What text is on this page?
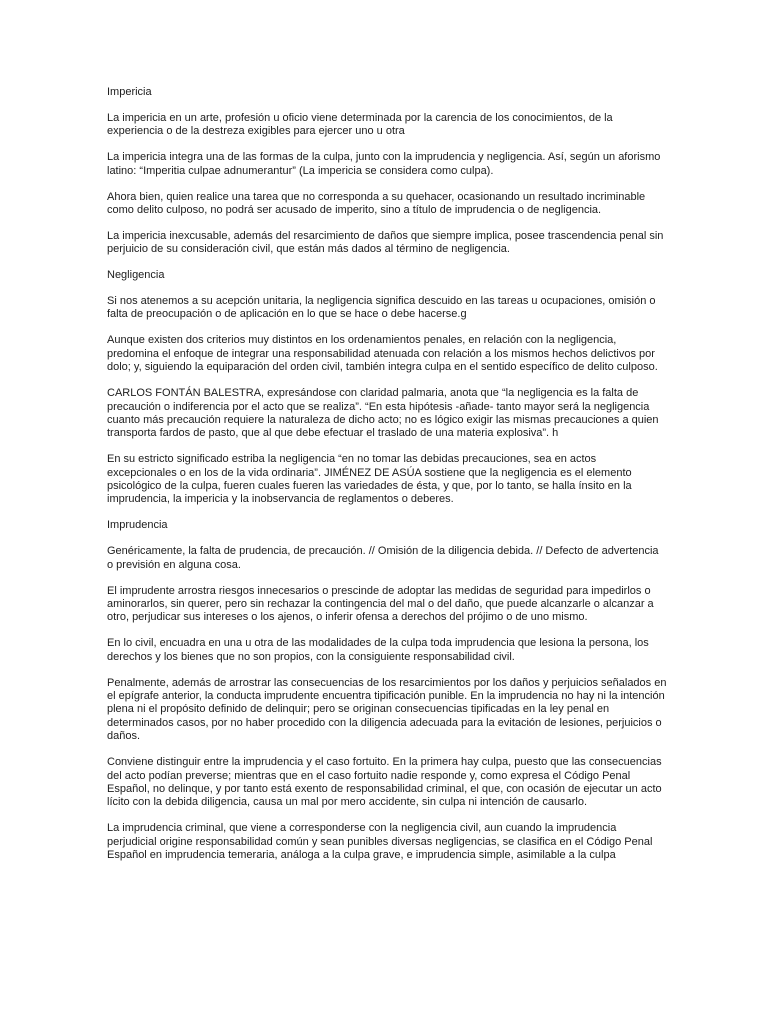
Impericia

La impericia en un arte, profesión u oficio viene determinada por la carencia de los conocimientos, de la experiencia o de la destreza exigibles para ejercer uno u otra

La impericia integra una de las formas de la culpa, junto con la imprudencia y negligencia. Así, según un aforismo latino: “Imperitia culpae adnumerantur” (La impericia se considera como culpa).

Ahora bien, quien realice una tarea que no corresponda a su quehacer, ocasionando un resultado incriminable como delito culposo, no podrá ser acusado de imperito, sino a título de imprudencia o de negligencia.

La impericia inexcusable, además del resarcimiento de daños que siempre implica, posee trascendencia penal sin perjuicio de su consideración civil, que están más dados al término de negligencia.

Negligencia

Si nos atenemos a su acepción unitaria, la negligencia significa descuido en las tareas u ocupaciones, omisión o falta de preocupación o de aplicación en lo que se hace o debe hacerse.g

Aunque existen dos criterios muy distintos en los ordenamientos penales, en relación con la negligencia, predomina el enfoque de integrar una responsabilidad atenuada con relación a los mismos hechos delictivos por dolo; y, siguiendo la equiparación del orden civil, también integra culpa en el sentido específico de delito culposo.

CARLOS FONTÁN BALESTRA, expresándose con claridad palmaria, anota que “la negligencia es la falta de precaución o indiferencia por el acto que se realiza”. “En esta hipótesis -añade- tanto mayor será la negligencia cuanto más precaución requiere la naturaleza de dicho acto; no es lógico exigir las mismas precauciones a quien transporta fardos de pasto, que al que debe efectuar el traslado de una materia explosiva”. h

En su estricto significado estriba la negligencia “en no tomar las debidas precauciones, sea en actos excepcionales o en los de la vida ordinaria”. JIMÉNEZ DE ASÚA sostiene que la negligencia es el elemento psicológico de la culpa, fueren cuales fueren las variedades de ésta, y que, por lo tanto, se halla ínsito en la imprudencia, la impericia y la inobservancia de reglamentos o deberes.

Imprudencia

Genéricamente, la falta de prudencia, de precaución. // Omisión de la diligencia debida. // Defecto de advertencia o previsión en alguna cosa.

El imprudente arrostra riesgos innecesarios o prescinde de adoptar las medidas de seguridad para impedirlos o aminorarlos, sin querer, pero sin rechazar la contingencia del mal o del daño, que puede alcanzarle o alcanzar a otro, perjudicar sus intereses o los ajenos, o inferir ofensa a derechos del prójimo o de uno mismo.

En lo civil, encuadra en una u otra de las modalidades de la culpa toda imprudencia que lesiona la persona, los derechos y los bienes que no son propios, con la consiguiente responsabilidad civil.

Penalmente, además de arrostrar las consecuencias de los resarcimientos por los daños y perjuicios señalados en el epígrafe anterior, la conducta imprudente encuentra tipificación punible. En la imprudencia no hay ni la intención plena ni el propósito definido de delinquir; pero se originan consecuencias tipificadas en la ley penal en determinados casos, por no haber procedido con la diligencia adecuada para la evitación de lesiones, perjuicios o daños.

Conviene distinguir entre la imprudencia y el caso fortuito. En la primera hay culpa, puesto que las consecuencias del acto podían preverse; mientras que en el caso fortuito nadie responde y, como expresa el Código Penal Español, no delinque, y por tanto está exento de responsabilidad criminal, el que, con ocasión de ejecutar un acto lícito con la debida diligencia, causa un mal por mero accidente, sin culpa ni intención de causarlo.

La imprudencia criminal, que viene a corresponderse con la negligencia civil, aun cuando la imprudencia perjudicial origine responsabilidad común y sean punibles diversas negligencias, se clasifica en el Código Penal Español en imprudencia temeraria, análoga a la culpa grave, e imprudencia simple, asimilable a la culpa
